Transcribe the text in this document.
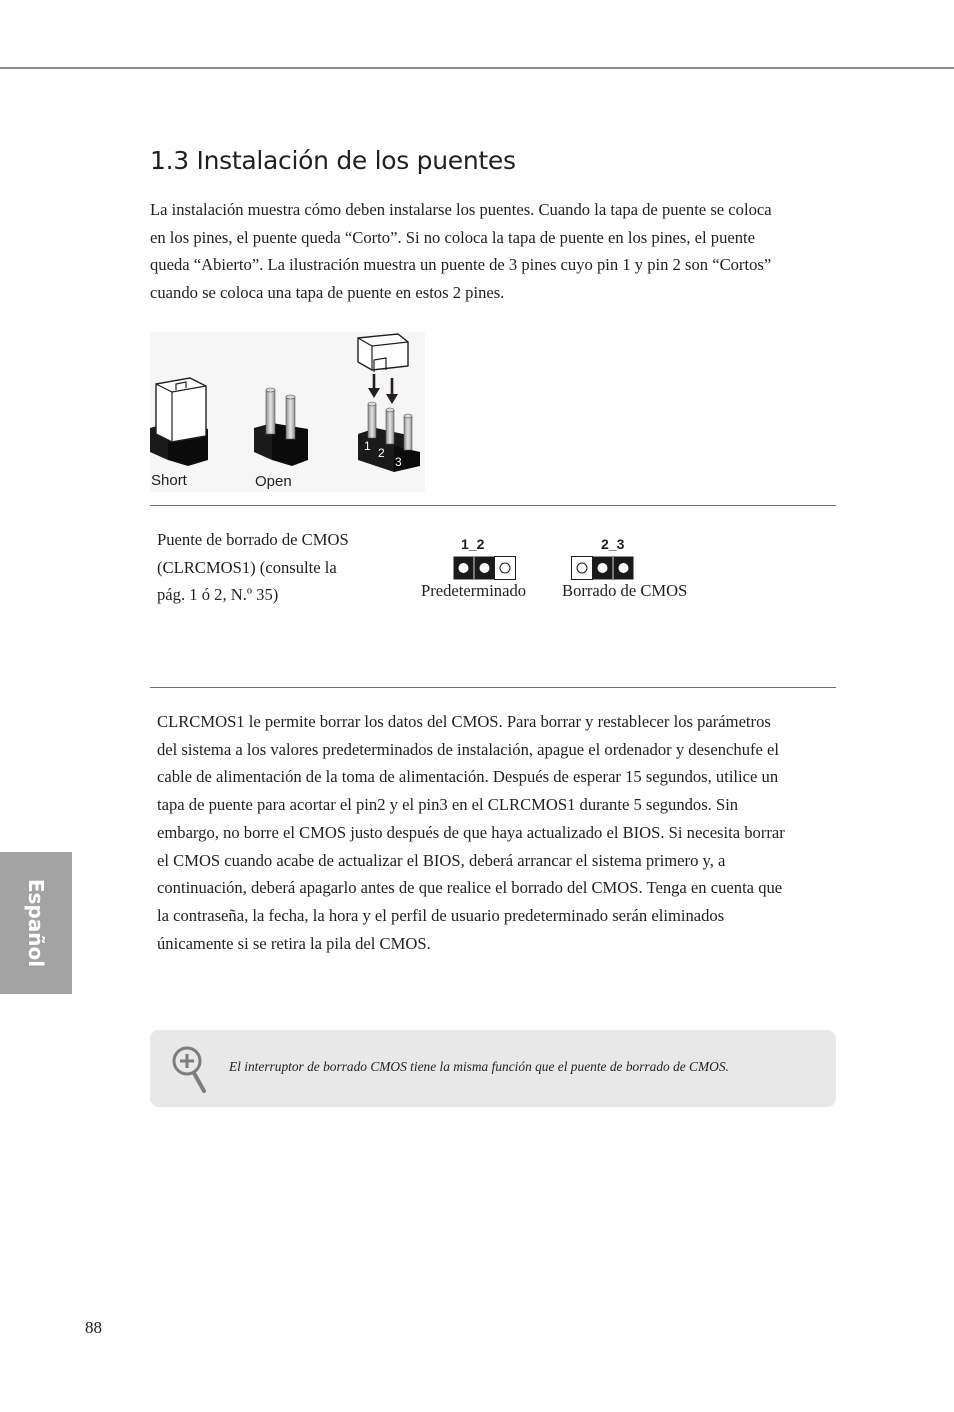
1.3 Instalación de los puentes

La instalación muestra cómo deben instalarse los puentes. Cuando la tapa de puente se coloca en los pines, el puente queda “Corto”. Si no coloca la tapa de puente en los pines, el puente queda “Abierto”. La ilustración muestra un puente de 3 pines cuyo pin 1 y pin 2 son “Cortos” cuando se coloca una tapa de puente en estos 2 pines.

1 2
3
Short	Open

Puente de borrado de CMOS (CLRCMOS1) (consulte la pág. 1 ó 2, N.º 35)

1_2
Predeterminado
2_3
Borrado de CMOS

CLRCMOS1 le permite borrar los datos del CMOS. Para borrar y restablecer los parámetros del sistema a los valores predeterminados de instalación, apague el ordenador y desenchufe el cable de alimentación de la toma de alimentación. Después de esperar 15 segundos, utilice un tapa de puente para acortar el pin2 y el pin3 en el CLRCMOS1 durante 5 segundos. Sin embargo, no borre el CMOS justo después de que haya actualizado el BIOS. Si necesita borrar el CMOS cuando acabe de actualizar el BIOS, deberá arrancar el sistema primero y, a continuación, deberá apagarlo antes de que realice el borrado del CMOS. Tenga en cuenta que la contraseña, la fecha, la hora y el perfil de usuario predeterminado serán eliminados únicamente si se retira la pila del CMOS.

Español
El interruptor de borrado CMOS tiene la misma función que el puente de borrado de CMOS.
88
